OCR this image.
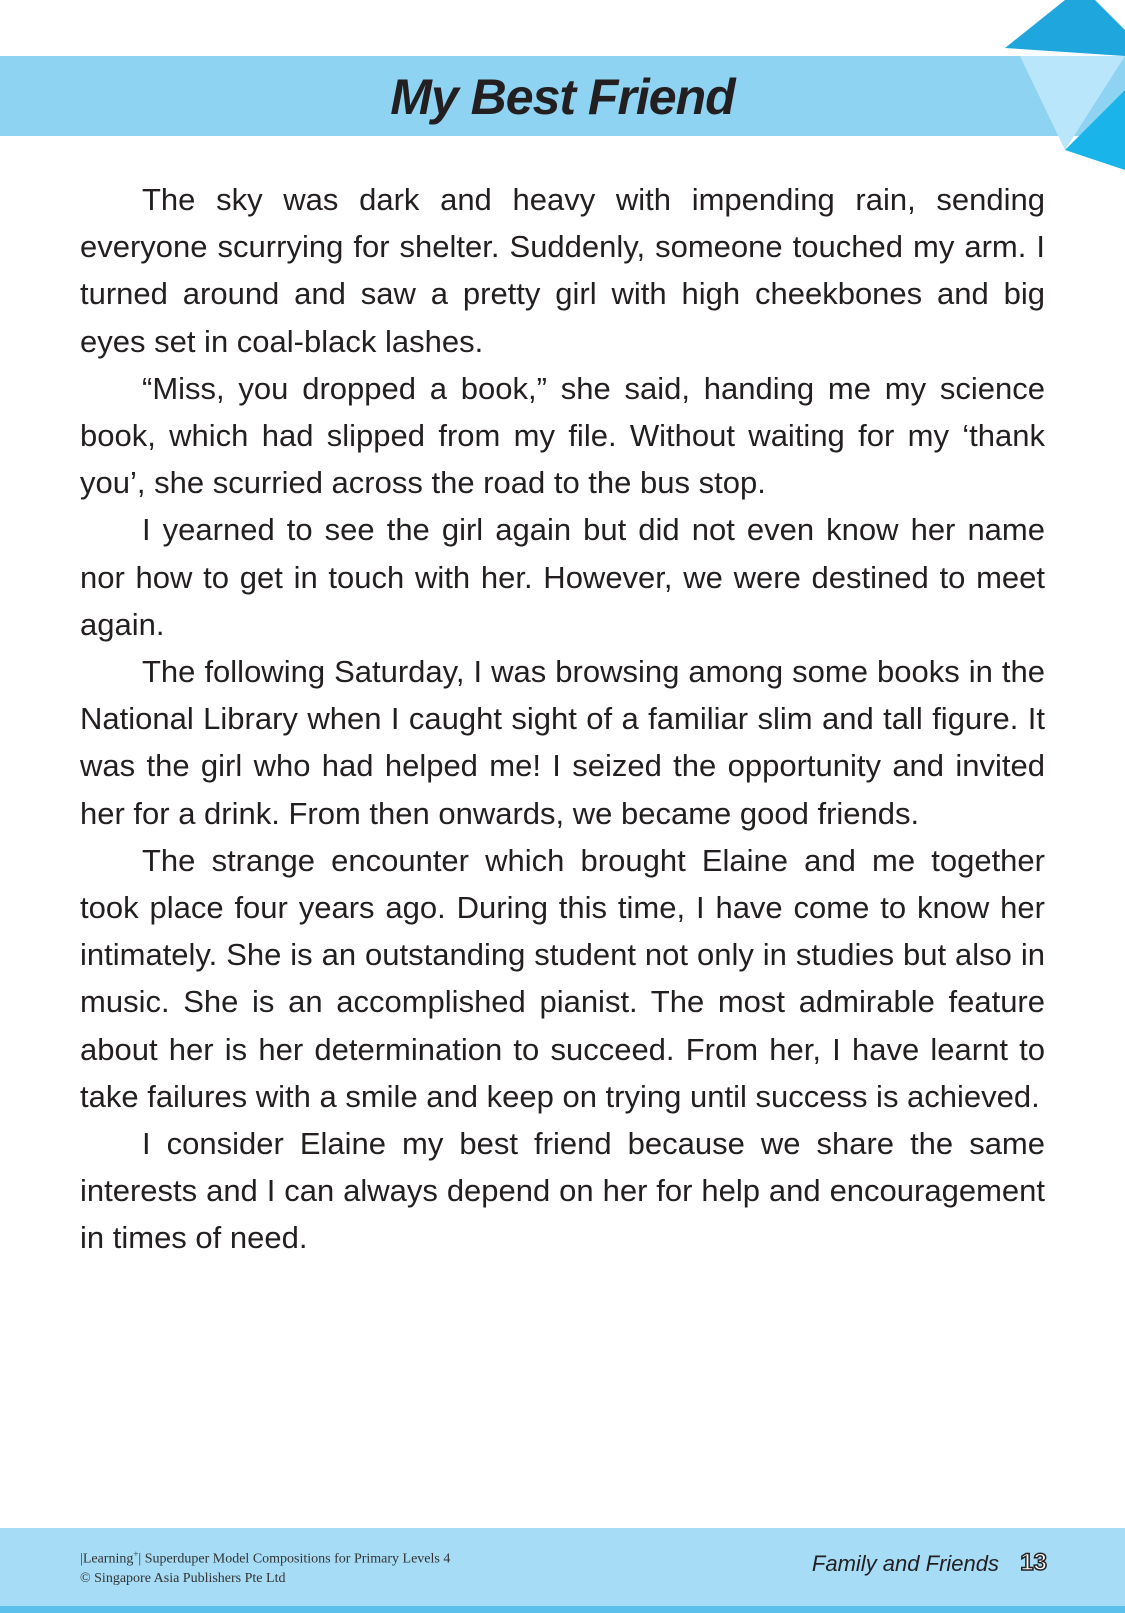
My Best Friend

The sky was dark and heavy with impending rain, sending everyone scurrying for shelter. Suddenly, someone touched my arm. I turned around and saw a pretty girl with high cheekbones and big eyes set in coal-black lashes.

“Miss, you dropped a book,” she said, handing me my science book, which had slipped from my file. Without waiting for my ‘thank you’, she scurried across the road to the bus stop.

I yearned to see the girl again but did not even know her name nor how to get in touch with her. However, we were destined to meet again.

The following Saturday, I was browsing among some books in the National Library when I caught sight of a familiar slim and tall figure. It was the girl who had helped me! I seized the opportunity and invited her for a drink. From then onwards, we became good friends.

The strange encounter which brought Elaine and me together took place four years ago. During this time, I have come to know her intimately. She is an outstanding student not only in studies but also in music. She is an accomplished pianist. The most admirable feature about her is her determination to succeed. From her, I have learnt to take failures with a smile and keep on trying until success is achieved.

I consider Elaine my best friend because we share the same interests and I can always depend on her for help and encouragement in times of need.

|Learning+| Superduper Model Compositions for Primary Levels 4
© Singapore Asia Publishers Pte Ltd
Family and Friends 13
